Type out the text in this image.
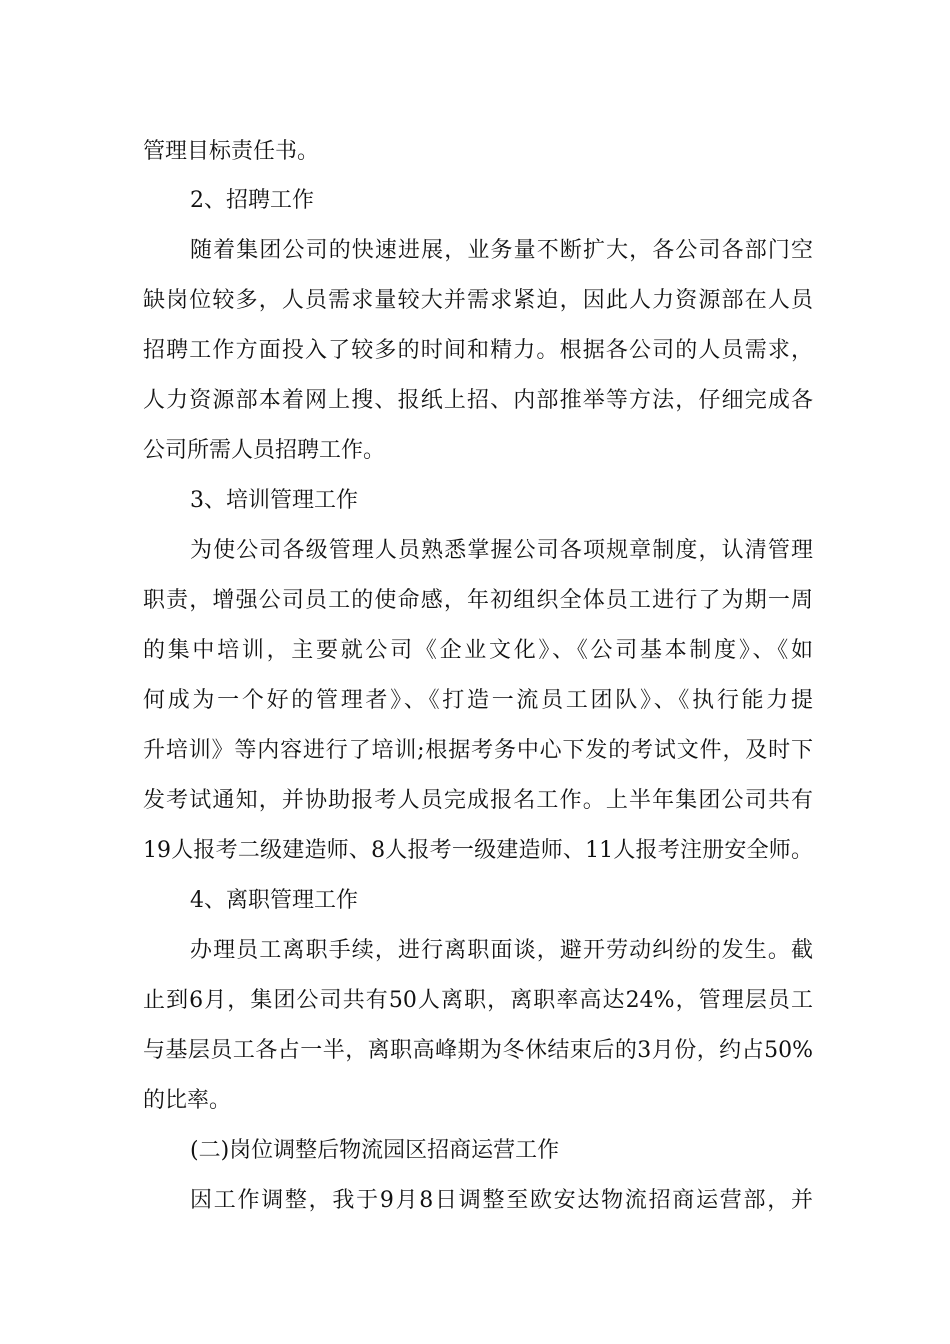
管理目标责任书。
2、招聘工作
随着集团公司的快速进展，业务量不断扩大，各公司各部门空
缺岗位较多，人员需求量较大并需求紧迫，因此人力资源部在人员
招聘工作方面投入了较多的时间和精力。根据各公司的人员需求，
人力资源部本着网上搜、报纸上招、内部推举等方法，仔细完成各
公司所需人员招聘工作。
3、培训管理工作
为使公司各级管理人员熟悉掌握公司各项规章制度，认清管理
职责，增强公司员工的使命感，年初组织全体员工进行了为期一周
的集中培训，主要就公司《企业文化》、《公司基本制度》、《如
何成为一个好的管理者》、《打造一流员工团队》、《执行能力提
升培训》等内容进行了培训;根据考务中心下发的考试文件，及时下
发考试通知，并协助报考人员完成报名工作。上半年集团公司共有
19人报考二级建造师、8人报考一级建造师、11人报考注册安全师。
4、离职管理工作
办理员工离职手续，进行离职面谈，避开劳动纠纷的发生。截
止到6月，集团公司共有50人离职，离职率高达24%，管理层员工
与基层员工各占一半，离职高峰期为冬休结束后的3月份，约占50%
的比率。
(二)岗位调整后物流园区招商运营工作
因工作调整，我于9月8日调整至欧安达物流招商运营部，并
